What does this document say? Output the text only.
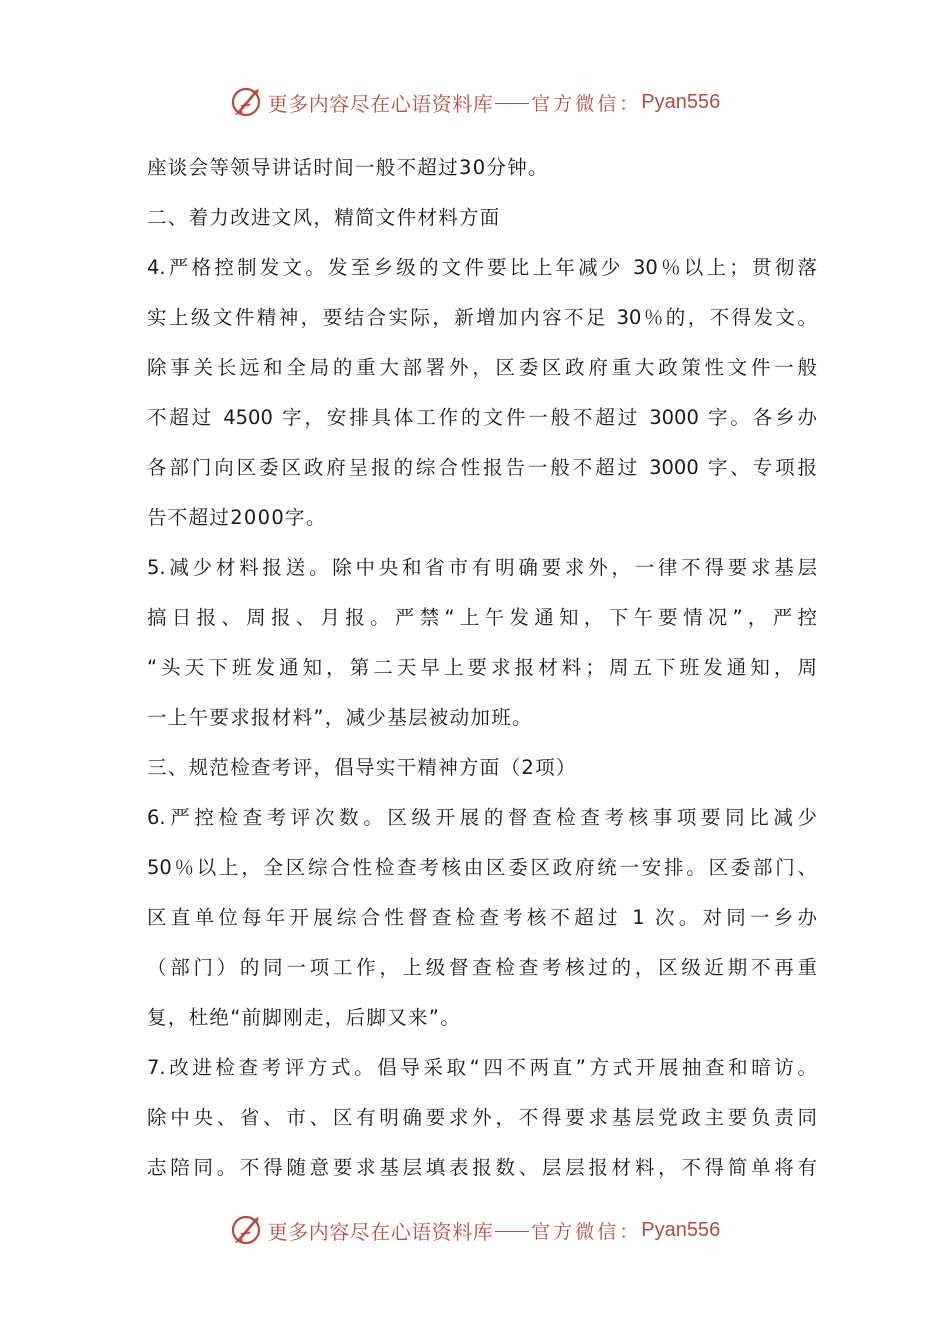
更多内容尽在心语资料库 官方微信： Pyan556
座谈会等领导讲话时间一般不超过30分钟。
二、着力改进文风，精简文件材料方面
4.严格控制发文。发至乡级的文件要比上年减少 30％以上；贯彻落
实上级文件精神，要结合实际，新增加内容不足 30％的，不得发文。
除事关长远和全局的重大部署外，区委区政府重大政策性文件一般
不超过 4500 字，安排具体工作的文件一般不超过 3000 字。各乡办
各部门向区委区政府呈报的综合性报告一般不超过 3000 字、专项报
告不超过2000字。
5.减少材料报送。除中央和省市有明确要求外，一律不得要求基层
搞日报、周报、月报。严禁“上午发通知，下午要情况”，严控
“头天下班发通知，第二天早上要求报材料；周五下班发通知，周
一上午要求报材料”，减少基层被动加班。
三、规范检查考评，倡导实干精神方面（2项）
6.严控检查考评次数。区级开展的督查检查考核事项要同比减少
50％以上，全区综合性检查考核由区委区政府统一安排。区委部门、
区直单位每年开展综合性督查检查考核不超过 1 次。对同一乡办
（部门）的同一项工作，上级督查检查考核过的，区级近期不再重
复，杜绝“前脚刚走，后脚又来”。
7.改进检查考评方式。倡导采取“四不两直”方式开展抽查和暗访。
除中央、省、市、区有明确要求外，不得要求基层党政主要负责同
志陪同。不得随意要求基层填表报数、层层报材料，不得简单将有
更多内容尽在心语资料库 官方微信： Pyan556
